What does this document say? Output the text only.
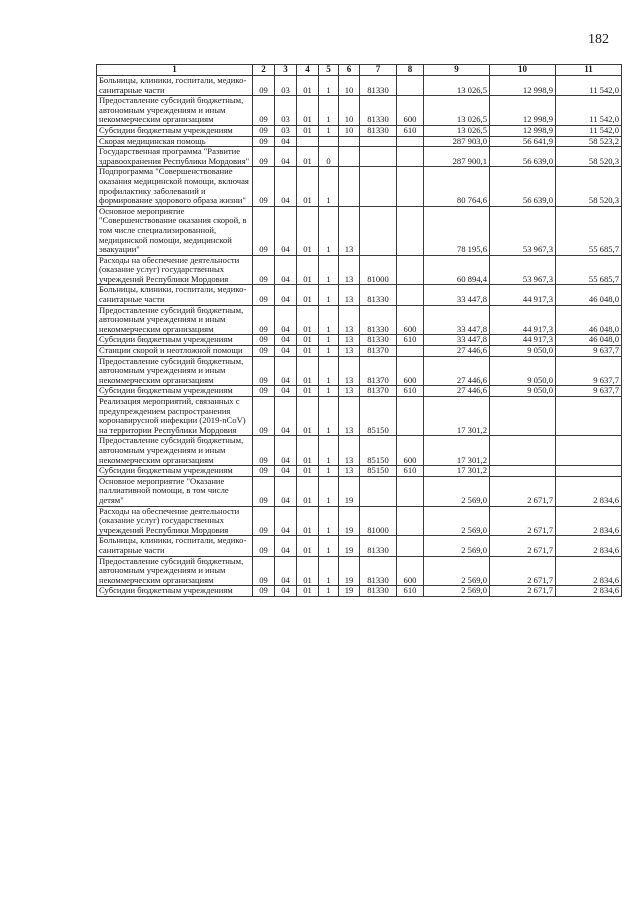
182
1	2	3	4	5	6	7	8	9	10	11
Больницы, клиники, госпитали, медико-санитарные части	09	03	01	1	10	81330		13 026,5	12 998,9	11 542,0
Предоставление субсидий бюджетным, автономным учреждениям и иным некоммерческим организациям	09	03	01	1	10	81330	600	13 026,5	12 998,9	11 542,0
Субсидии бюджетным учреждениям	09	03	01	1	10	81330	610	13 026,5	12 998,9	11 542,0
Скорая медицинская помощь	09	04						287 903,0	56 641,9	58 523,2
Государственная программа "Развитие здравоохранения Республики Мордовия"	09	04	01	0				287 900,1	56 639,0	58 520,3
Подпрограмма "Совершенствование оказания медицинской помощи, включая профилактику заболеваний и формирование здорового образа жизни"	09	04	01	1				80 764,6	56 639,0	58 520,3
Основное мероприятие "Совершенствование оказания скорой, в том числе специализированной, медицинской помощи, медицинской эвакуации"	09	04	01	1	13			78 195,6	53 967,3	55 685,7
Расходы на обеспечение деятельности (оказание услуг) государственных учреждений Республики Мордовия	09	04	01	1	13	81000		60 894,4	53 967,3	55 685,7
Больницы, клиники, госпитали, медико-санитарные части	09	04	01	1	13	81330		33 447,8	44 917,3	46 048,0
Предоставление субсидий бюджетным, автономным учреждениям и иным некоммерческим организациям	09	04	01	1	13	81330	600	33 447,8	44 917,3	46 048,0
Субсидии бюджетным учреждениям	09	04	01	1	13	81330	610	33 447,8	44 917,3	46 048,0
Станции скорой и неотложной помощи	09	04	01	1	13	81370		27 446,6	9 050,0	9 637,7
Предоставление субсидий бюджетным, автономным учреждениям и иным некоммерческим организациям	09	04	01	1	13	81370	600	27 446,6	9 050,0	9 637,7
Субсидии бюджетным учреждениям	09	04	01	1	13	81370	610	27 446,6	9 050,0	9 637,7
Реализация мероприятий, связанных с предупреждением распространения коронавирусной инфекции (2019-nCoV) на территории Республики Мордовия	09	04	01	1	13	85150		17 301,2		
Предоставление субсидий бюджетным, автономным учреждениям и иным некоммерческим организациям	09	04	01	1	13	85150	600	17 301,2		
Субсидии бюджетным учреждениям	09	04	01	1	13	85150	610	17 301,2		
Основное мероприятие "Оказание паллиативной помощи, в том числе детям"	09	04	01	1	19			2 569,0	2 671,7	2 834,6
Расходы на обеспечение деятельности (оказание услуг) государственных учреждений Республики Мордовия	09	04	01	1	19	81000		2 569,0	2 671,7	2 834,6
Больницы, клиники, госпитали, медико-санитарные части	09	04	01	1	19	81330		2 569,0	2 671,7	2 834,6
Предоставление субсидий бюджетным, автономным учреждениям и иным некоммерческим организациям	09	04	01	1	19	81330	600	2 569,0	2 671,7	2 834,6
Субсидии бюджетным учреждениям	09	04	01	1	19	81330	610	2 569,0	2 671,7	2 834,6
